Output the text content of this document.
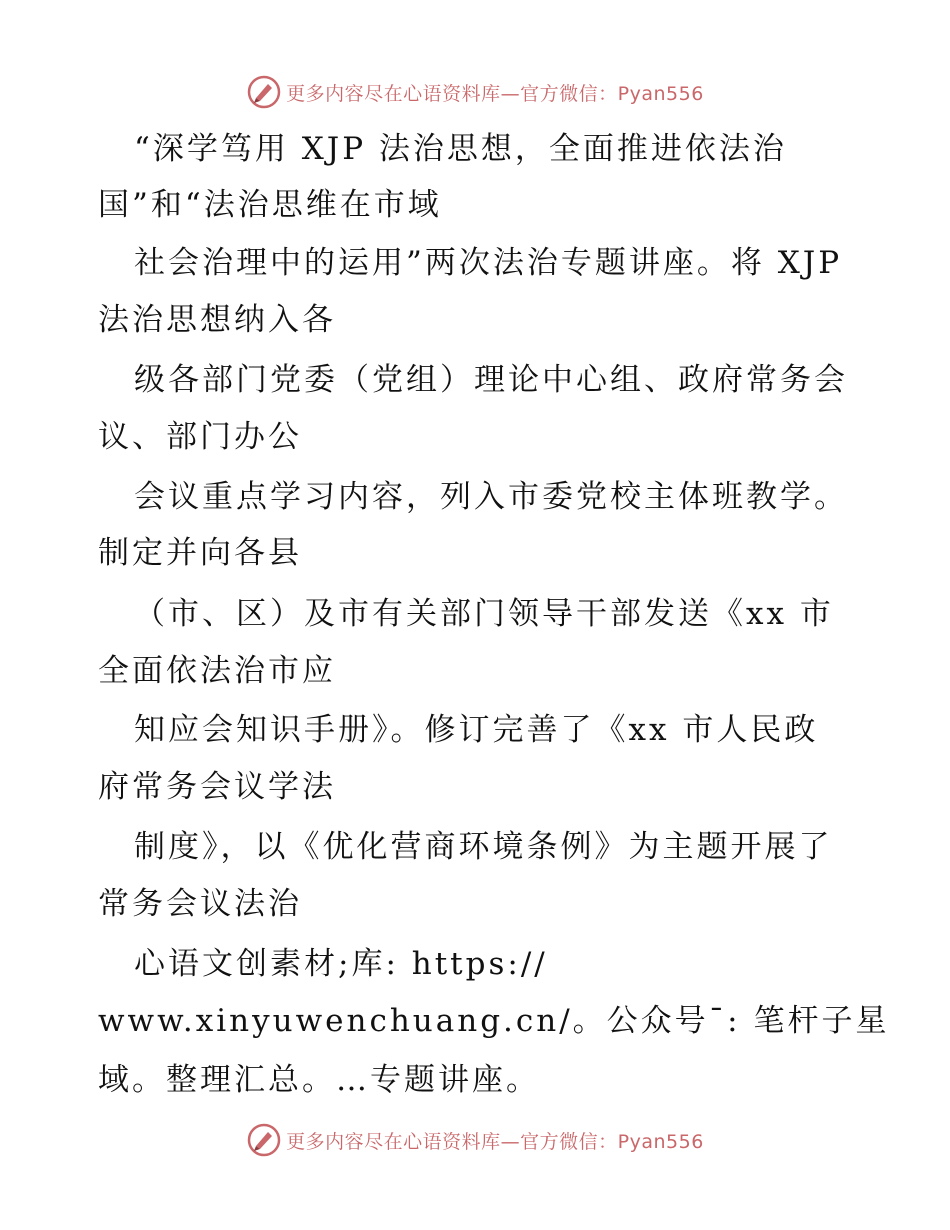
更多内容尽在心语资料库—官方微信：Pyan556
“深学笃用 XJP 法治思想，全面推进依法治
国”和“法治思维在市域
社会治理中的运用”两次法治专题讲座。将 XJP
法治思想纳入各
级各部门党委（党组）理论中心组、政府常务会
议、部门办公
会议重点学习内容，列入市委党校主体班教学。
制定并向各县
（市、区）及市有关部门领导干部发送《xx 市
全面依法治市应
知应会知识手册》。修订完善了《xx 市人民政
府常务会议学法
制度》，以《优化营商环境条例》为主题开展了
常务会议法治
心语文创素材;库: https://
www.xinyuwenchuang.cn/。公众号¯: 笔杆子星
域。整理汇总。…专题讲座。
更多内容尽在心语资料库—官方微信：Pyan556
